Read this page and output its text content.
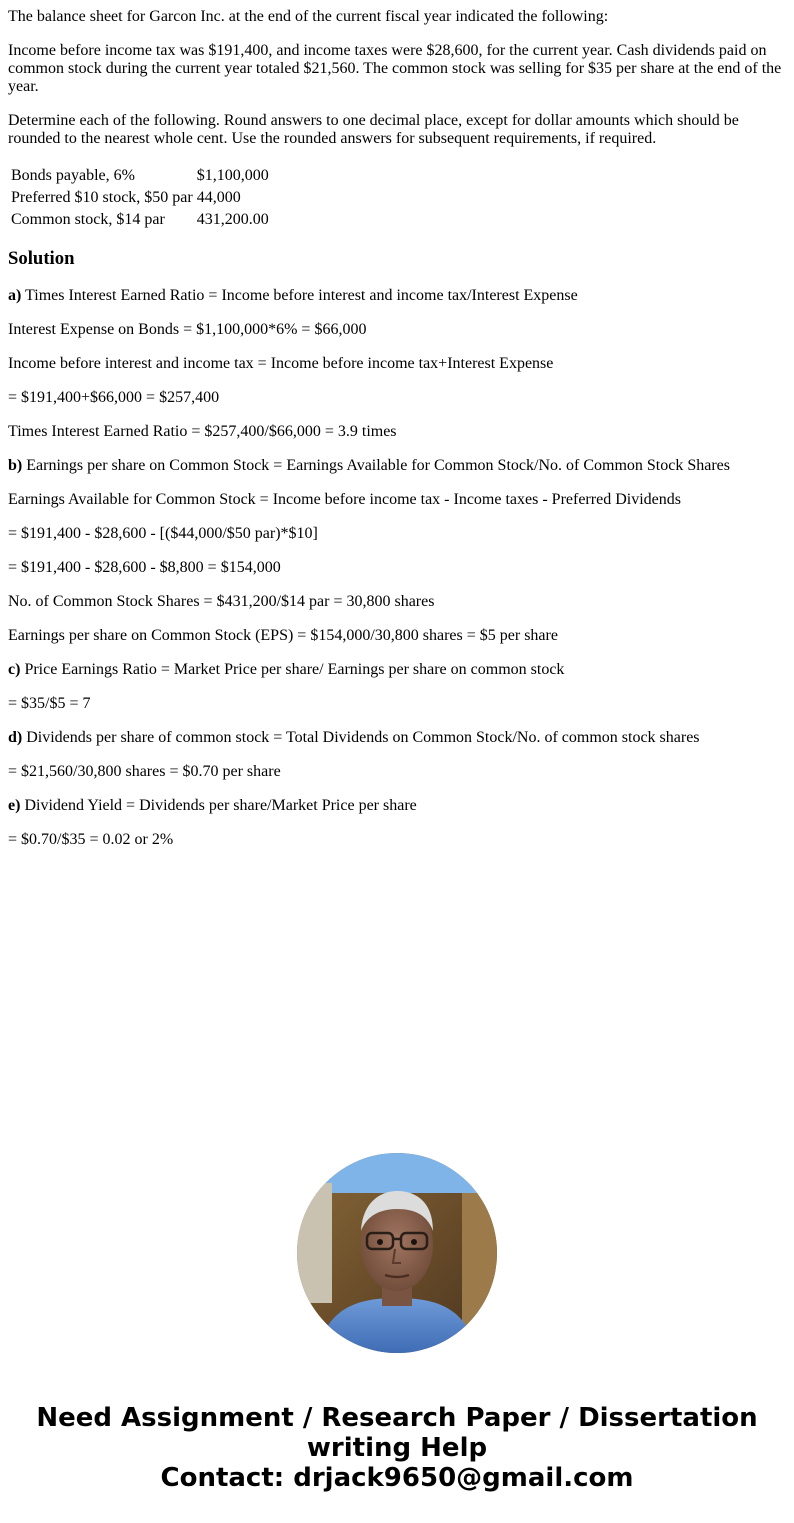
The balance sheet for Garcon Inc. at the end of the current fiscal year indicated the following:

Income before income tax was $191,400, and income taxes were $28,600, for the current year. Cash dividends paid on common stock during the current year totaled $21,560. The common stock was selling for $35 per share at the end of the year.

Determine each of the following. Round answers to one decimal place, except for dollar amounts which should be rounded to the nearest whole cent. Use the rounded answers for subsequent requirements, if required.

Bonds payable, 6%	$1,100,000
Preferred $10 stock, $50 par	44,000
Common stock, $14 par	431,200.00
Solution

a) Times Interest Earned Ratio = Income before interest and income tax/Interest Expense

Interest Expense on Bonds = $1,100,000*6% = $66,000

Income before interest and income tax = Income before income tax+Interest Expense

= $191,400+$66,000 = $257,400

Times Interest Earned Ratio = $257,400/$66,000 = 3.9 times

b) Earnings per share on Common Stock = Earnings Available for Common Stock/No. of Common Stock Shares

Earnings Available for Common Stock = Income before income tax - Income taxes - Preferred Dividends

= $191,400 - $28,600 - [($44,000/$50 par)*$10]

= $191,400 - $28,600 - $8,800 = $154,000

No. of Common Stock Shares = $431,200/$14 par = 30,800 shares

Earnings per share on Common Stock (EPS) = $154,000/30,800 shares = $5 per share

c) Price Earnings Ratio = Market Price per share/ Earnings per share on common stock

= $35/$5 = 7

d) Dividends per share of common stock = Total Dividends on Common Stock/No. of common stock shares

= $21,560/30,800 shares = $0.70 per share

e) Dividend Yield = Dividends per share/Market Price per share

= $0.70/$35 = 0.02 or 2%

Need Assignment / Research Paper / Dissertation
writing Help
Contact: drjack9650@gmail.com
